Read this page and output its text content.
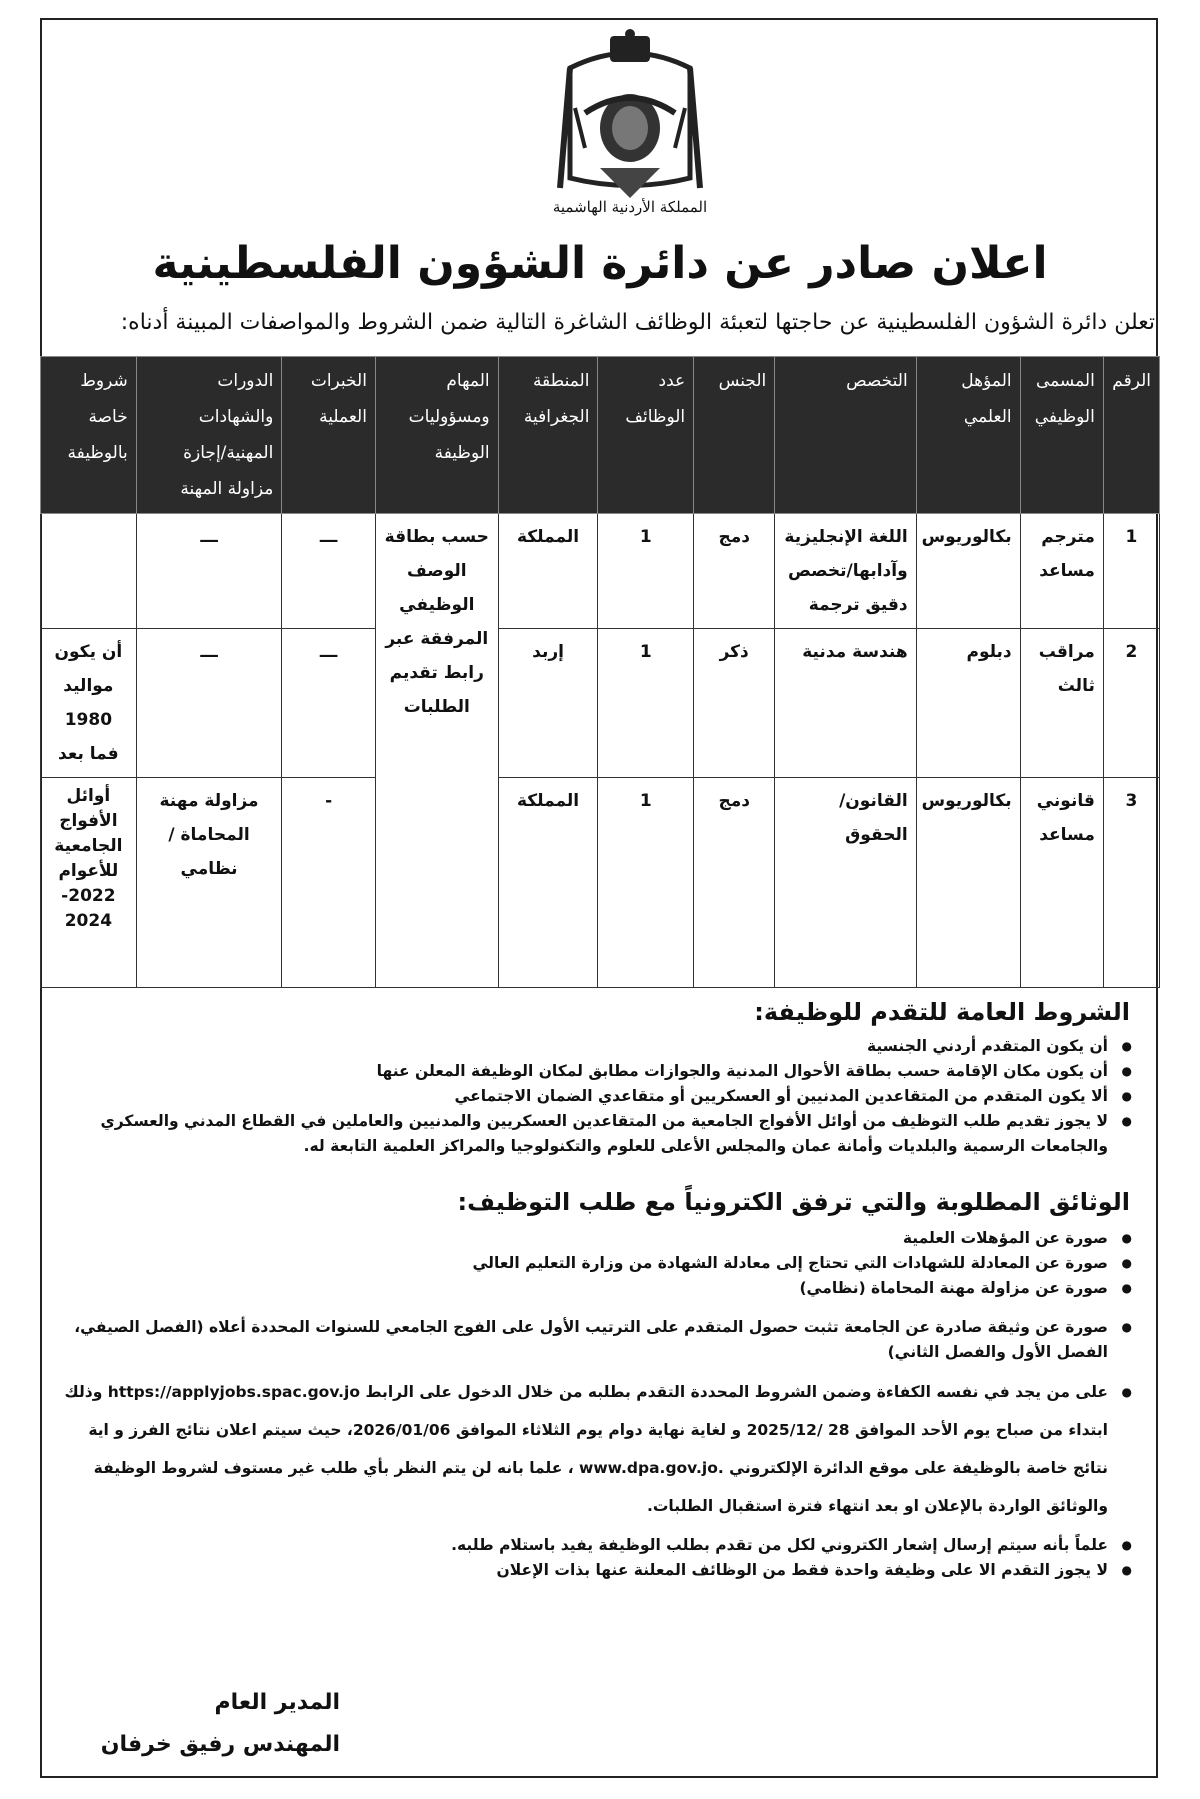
المملكة الأردنية الهاشمية
اعلان صادر عن دائرة الشؤون الفلسطينية
تعلن دائرة الشؤون الفلسطينية عن حاجتها لتعبئة الوظائف الشاغرة التالية ضمن الشروط والمواصفات المبينة أدناه:
الرقم	المسمى الوظيفي	المؤهل العلمي	التخصص	الجنس	عدد الوظائف	المنطقة الجغرافية	المهام ومسؤوليات الوظيفة	الخبرات العملية	الدورات والشهادات المهنية/إجازة مزاولة المهنة	شروط خاصة بالوظيفة
1	مترجم مساعد	بكالوريوس	اللغة الإنجليزية وآدابها/تخصص دقيق ترجمة	دمج	1	المملكة	حسب بطاقة الوصف الوظيفي المرفقة عبر رابط تقديم الطلبات	ـــ	ـــ	
2	مراقب ثالث	دبلوم	هندسة مدنية	ذكر	1	إربد		ـــ	ـــ	أن يكون مواليد 1980 فما بعد
3	قانوني مساعد	بكالوريوس	القانون/الحقوق	دمج	1	المملكة		-	مزاولة مهنة المحاماة /نظامي	أوائل الأفواج الجامعية للأعوام 2022- 2024
الشروط العامة للتقدم للوظيفة:
● أن يكون المتقدم أردني الجنسية
● أن يكون مكان الإقامة حسب بطاقة الأحوال المدنية والجوازات مطابق لمكان الوظيفة المعلن عنها
● ألا يكون المتقدم من المتقاعدين المدنيين أو العسكريين أو متقاعدي الضمان الاجتماعي
● لا يجوز تقديم طلب التوظيف من أوائل الأفواج الجامعية من المتقاعدين العسكريين والمدنيين والعاملين في القطاع المدني والعسكري والجامعات الرسمية والبلديات وأمانة عمان والمجلس الأعلى للعلوم والتكنولوجيا والمراكز العلمية التابعة له.
الوثائق المطلوبة والتي ترفق الكترونياً مع طلب التوظيف:
● صورة عن المؤهلات العلمية
● صورة عن المعادلة للشهادات التي تحتاج إلى معادلة الشهادة من وزارة التعليم العالي
● صورة عن مزاولة مهنة المحاماة (نظامي)
● صورة عن وثيقة صادرة عن الجامعة تثبت حصول المتقدم على الترتيب الأول على الفوج الجامعي للسنوات المحددة أعلاه (الفصل الصيفي، الفصل الأول والفصل الثاني)
● على من يجد في نفسه الكفاءة وضمن الشروط المحددة التقدم بطلبه من خلال الدخول على الرابط https://applyjobs.spac.gov.jo وذلك ابتداء من صباح يوم الأحد الموافق 28 /2025/12 و لغاية نهاية دوام يوم الثلاثاء الموافق 2026/01/06، حيث سيتم اعلان نتائج الفرز و اية نتائج خاصة بالوظيفة على موقع الدائرة الإلكتروني www.dpa.gov.jo. ، علما بانه لن يتم النظر بأي طلب غير مستوف لشروط الوظيفة والوثائق الواردة بالإعلان او بعد انتهاء فترة استقبال الطلبات.
● علماً بأنه سيتم إرسال إشعار الكتروني لكل من تقدم بطلب الوظيفة يفيد باستلام طلبه.
● لا يجوز التقدم الا على وظيفة واحدة فقط من الوظائف المعلنة عنها بذات الإعلان
المدير العام
المهندس رفيق خرفان
